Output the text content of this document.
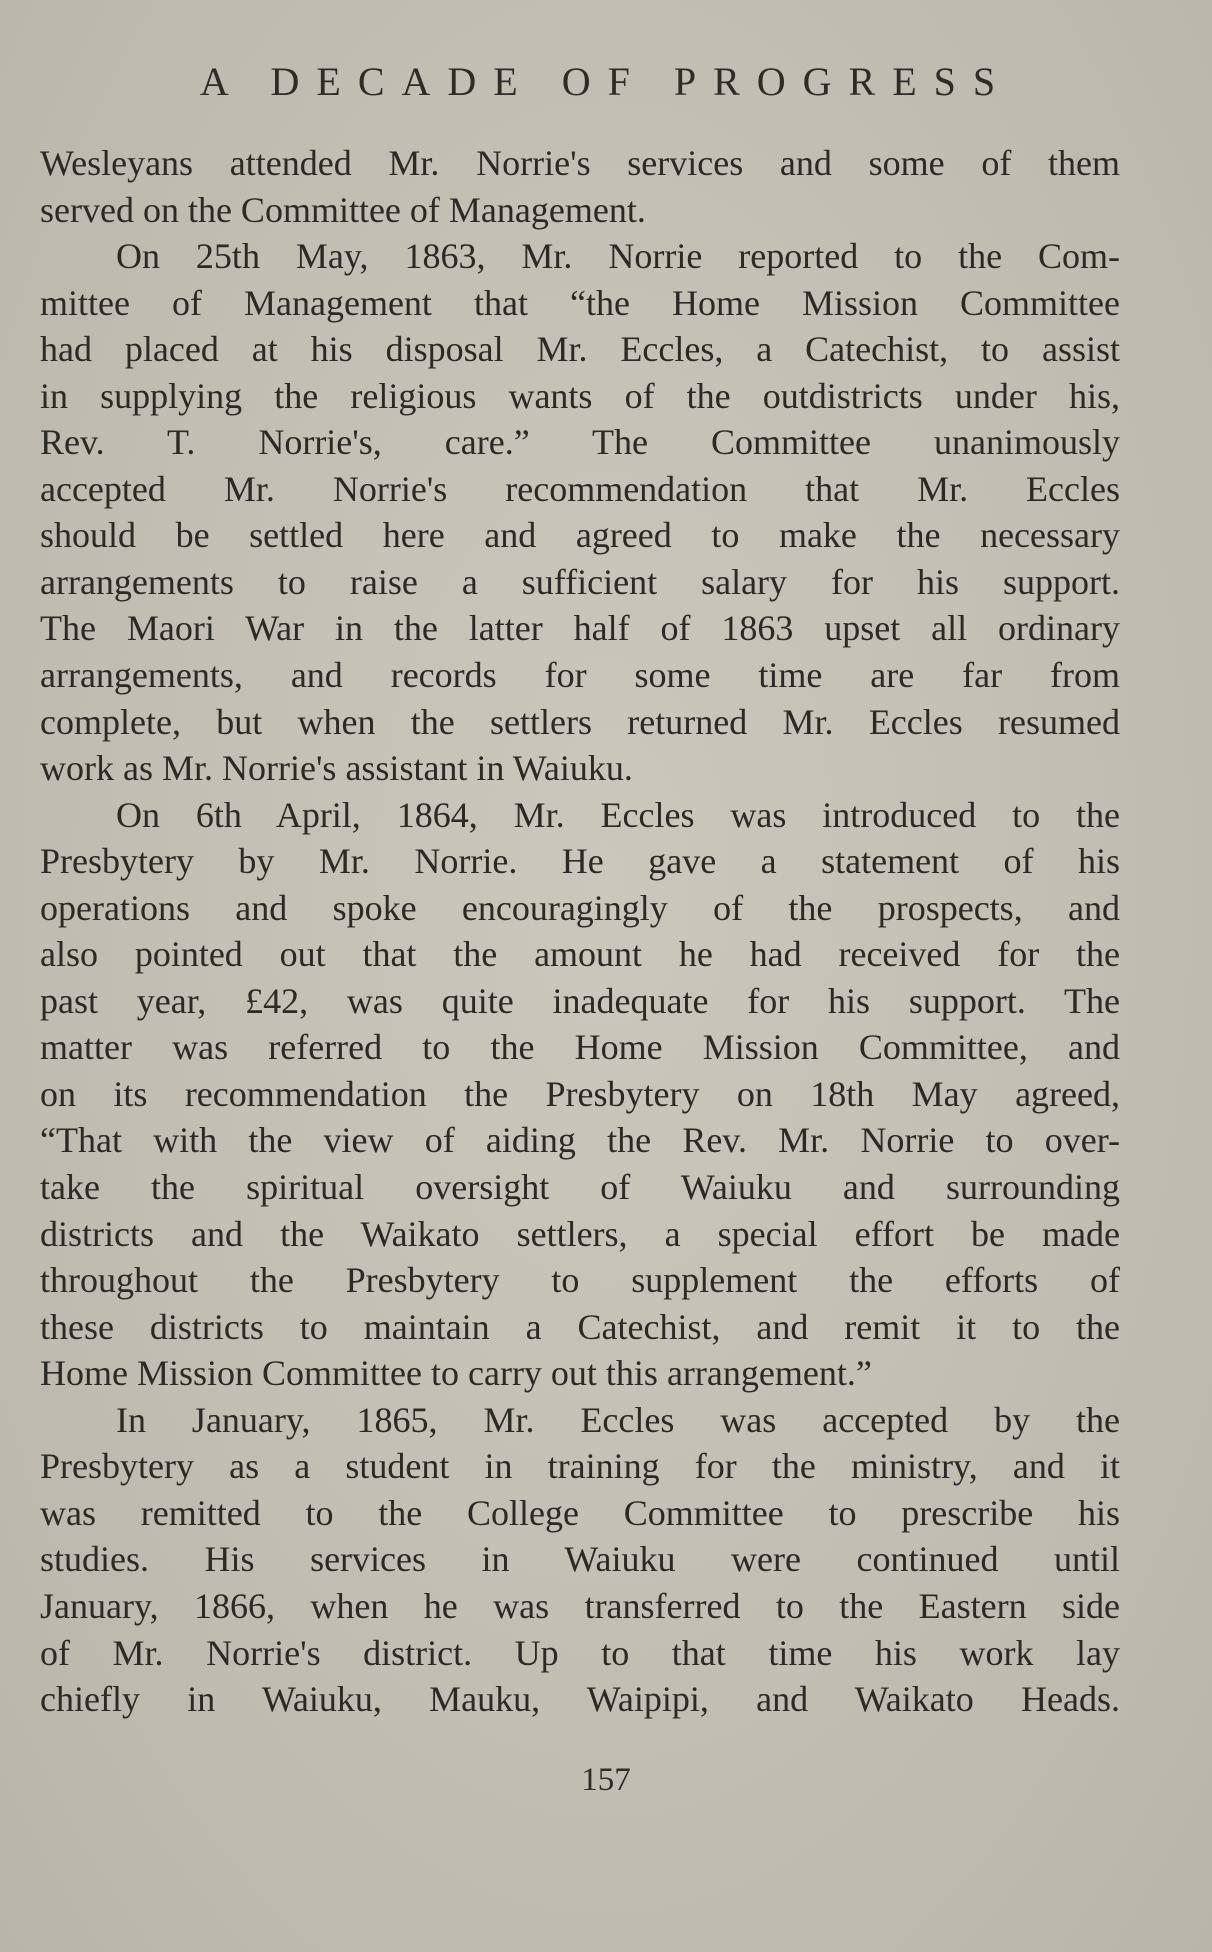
A DECADE OF PROGRESS
Wesleyans attended Mr. Norrie's services and some of them
served on the Committee of Management.
On 25th May, 1863, Mr. Norrie reported to the Com-
mittee of Management that “the Home Mission Committee
had placed at his disposal Mr. Eccles, a Catechist, to assist
in supplying the religious wants of the outdistricts under his,
Rev. T. Norrie's, care.” The Committee unanimously
accepted Mr. Norrie's recommendation that Mr. Eccles
should be settled here and agreed to make the necessary
arrangements to raise a sufficient salary for his support.
The Maori War in the latter half of 1863 upset all ordinary
arrangements, and records for some time are far from
complete, but when the settlers returned Mr. Eccles resumed
work as Mr. Norrie's assistant in Waiuku.
On 6th April, 1864, Mr. Eccles was introduced to the
Presbytery by Mr. Norrie. He gave a statement of his
operations and spoke encouragingly of the prospects, and
also pointed out that the amount he had received for the
past year, £42, was quite inadequate for his support. The
matter was referred to the Home Mission Committee, and
on its recommendation the Presbytery on 18th May agreed,
“That with the view of aiding the Rev. Mr. Norrie to over-
take the spiritual oversight of Waiuku and surrounding
districts and the Waikato settlers, a special effort be made
throughout the Presbytery to supplement the efforts of
these districts to maintain a Catechist, and remit it to the
Home Mission Committee to carry out this arrangement.”
In January, 1865, Mr. Eccles was accepted by the
Presbytery as a student in training for the ministry, and it
was remitted to the College Committee to prescribe his
studies. His services in Waiuku were continued until
January, 1866, when he was transferred to the Eastern side
of Mr. Norrie's district. Up to that time his work lay
chiefly in Waiuku, Mauku, Waipipi, and Waikato Heads.
157
